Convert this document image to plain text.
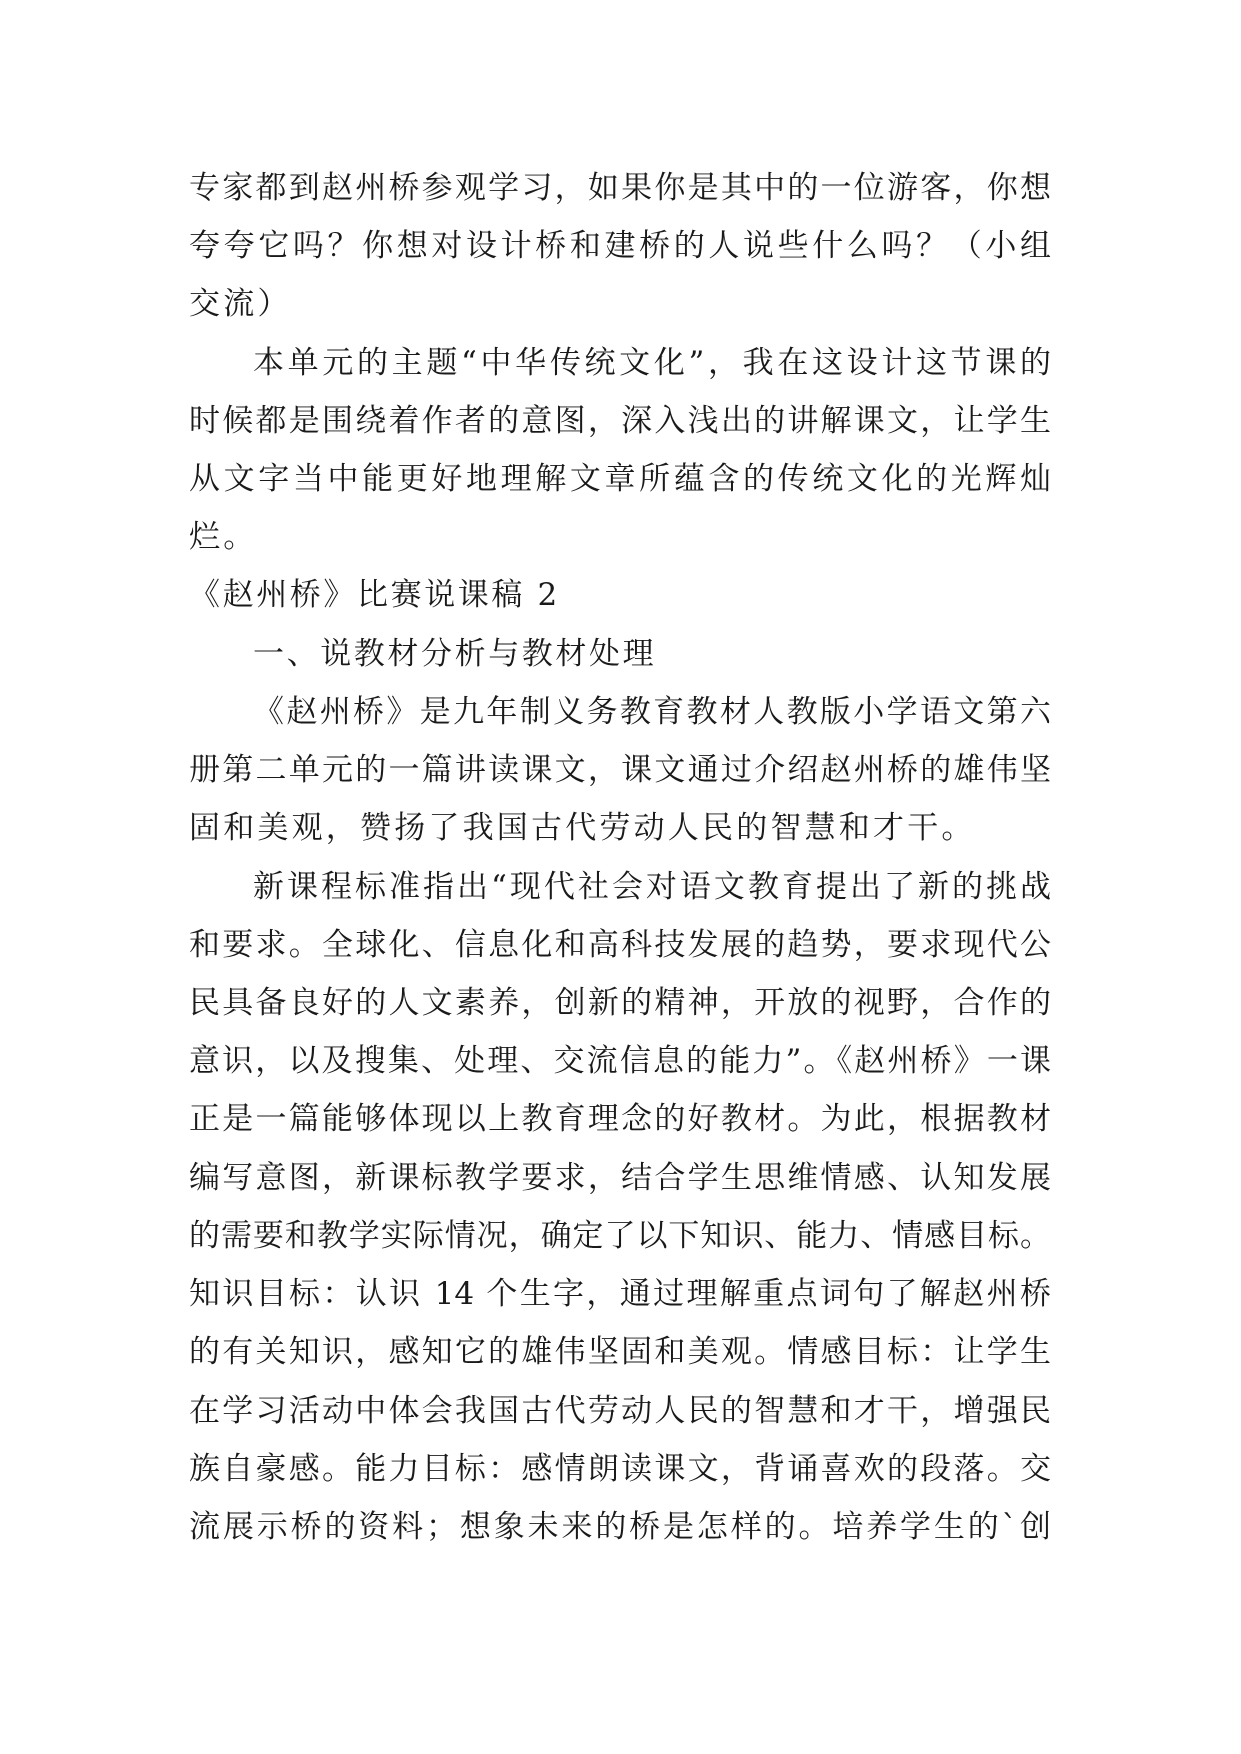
专家都到赵州桥参观学习，如果你是其中的一位游客，你想
夸夸它吗？你想对设计桥和建桥的人说些什么吗？（小组
交流）
本单元的主题“中华传统文化”，我在这设计这节课的
时候都是围绕着作者的意图，深入浅出的讲解课文，让学生
从文字当中能更好地理解文章所蕴含的传统文化的光辉灿
烂。
《赵州桥》比赛说课稿 2
一、说教材分析与教材处理
《赵州桥》是九年制义务教育教材人教版小学语文第六
册第二单元的一篇讲读课文，课文通过介绍赵州桥的雄伟坚
固和美观，赞扬了我国古代劳动人民的智慧和才干。
新课程标准指出“现代社会对语文教育提出了新的挑战
和要求。全球化、信息化和高科技发展的趋势，要求现代公
民具备良好的人文素养，创新的精神，开放的视野，合作的
意识，以及搜集、处理、交流信息的能力”。《赵州桥》一课
正是一篇能够体现以上教育理念的好教材。为此，根据教材
编写意图，新课标教学要求，结合学生思维情感、认知发展
的需要和教学实际情况，确定了以下知识、能力、情感目标。
知识目标：认识 14 个生字，通过理解重点词句了解赵州桥
的有关知识，感知它的雄伟坚固和美观。情感目标：让学生
在学习活动中体会我国古代劳动人民的智慧和才干，增强民
族自豪感。能力目标：感情朗读课文，背诵喜欢的段落。交
流展示桥的资料；想象未来的桥是怎样的。培养学生的`创
